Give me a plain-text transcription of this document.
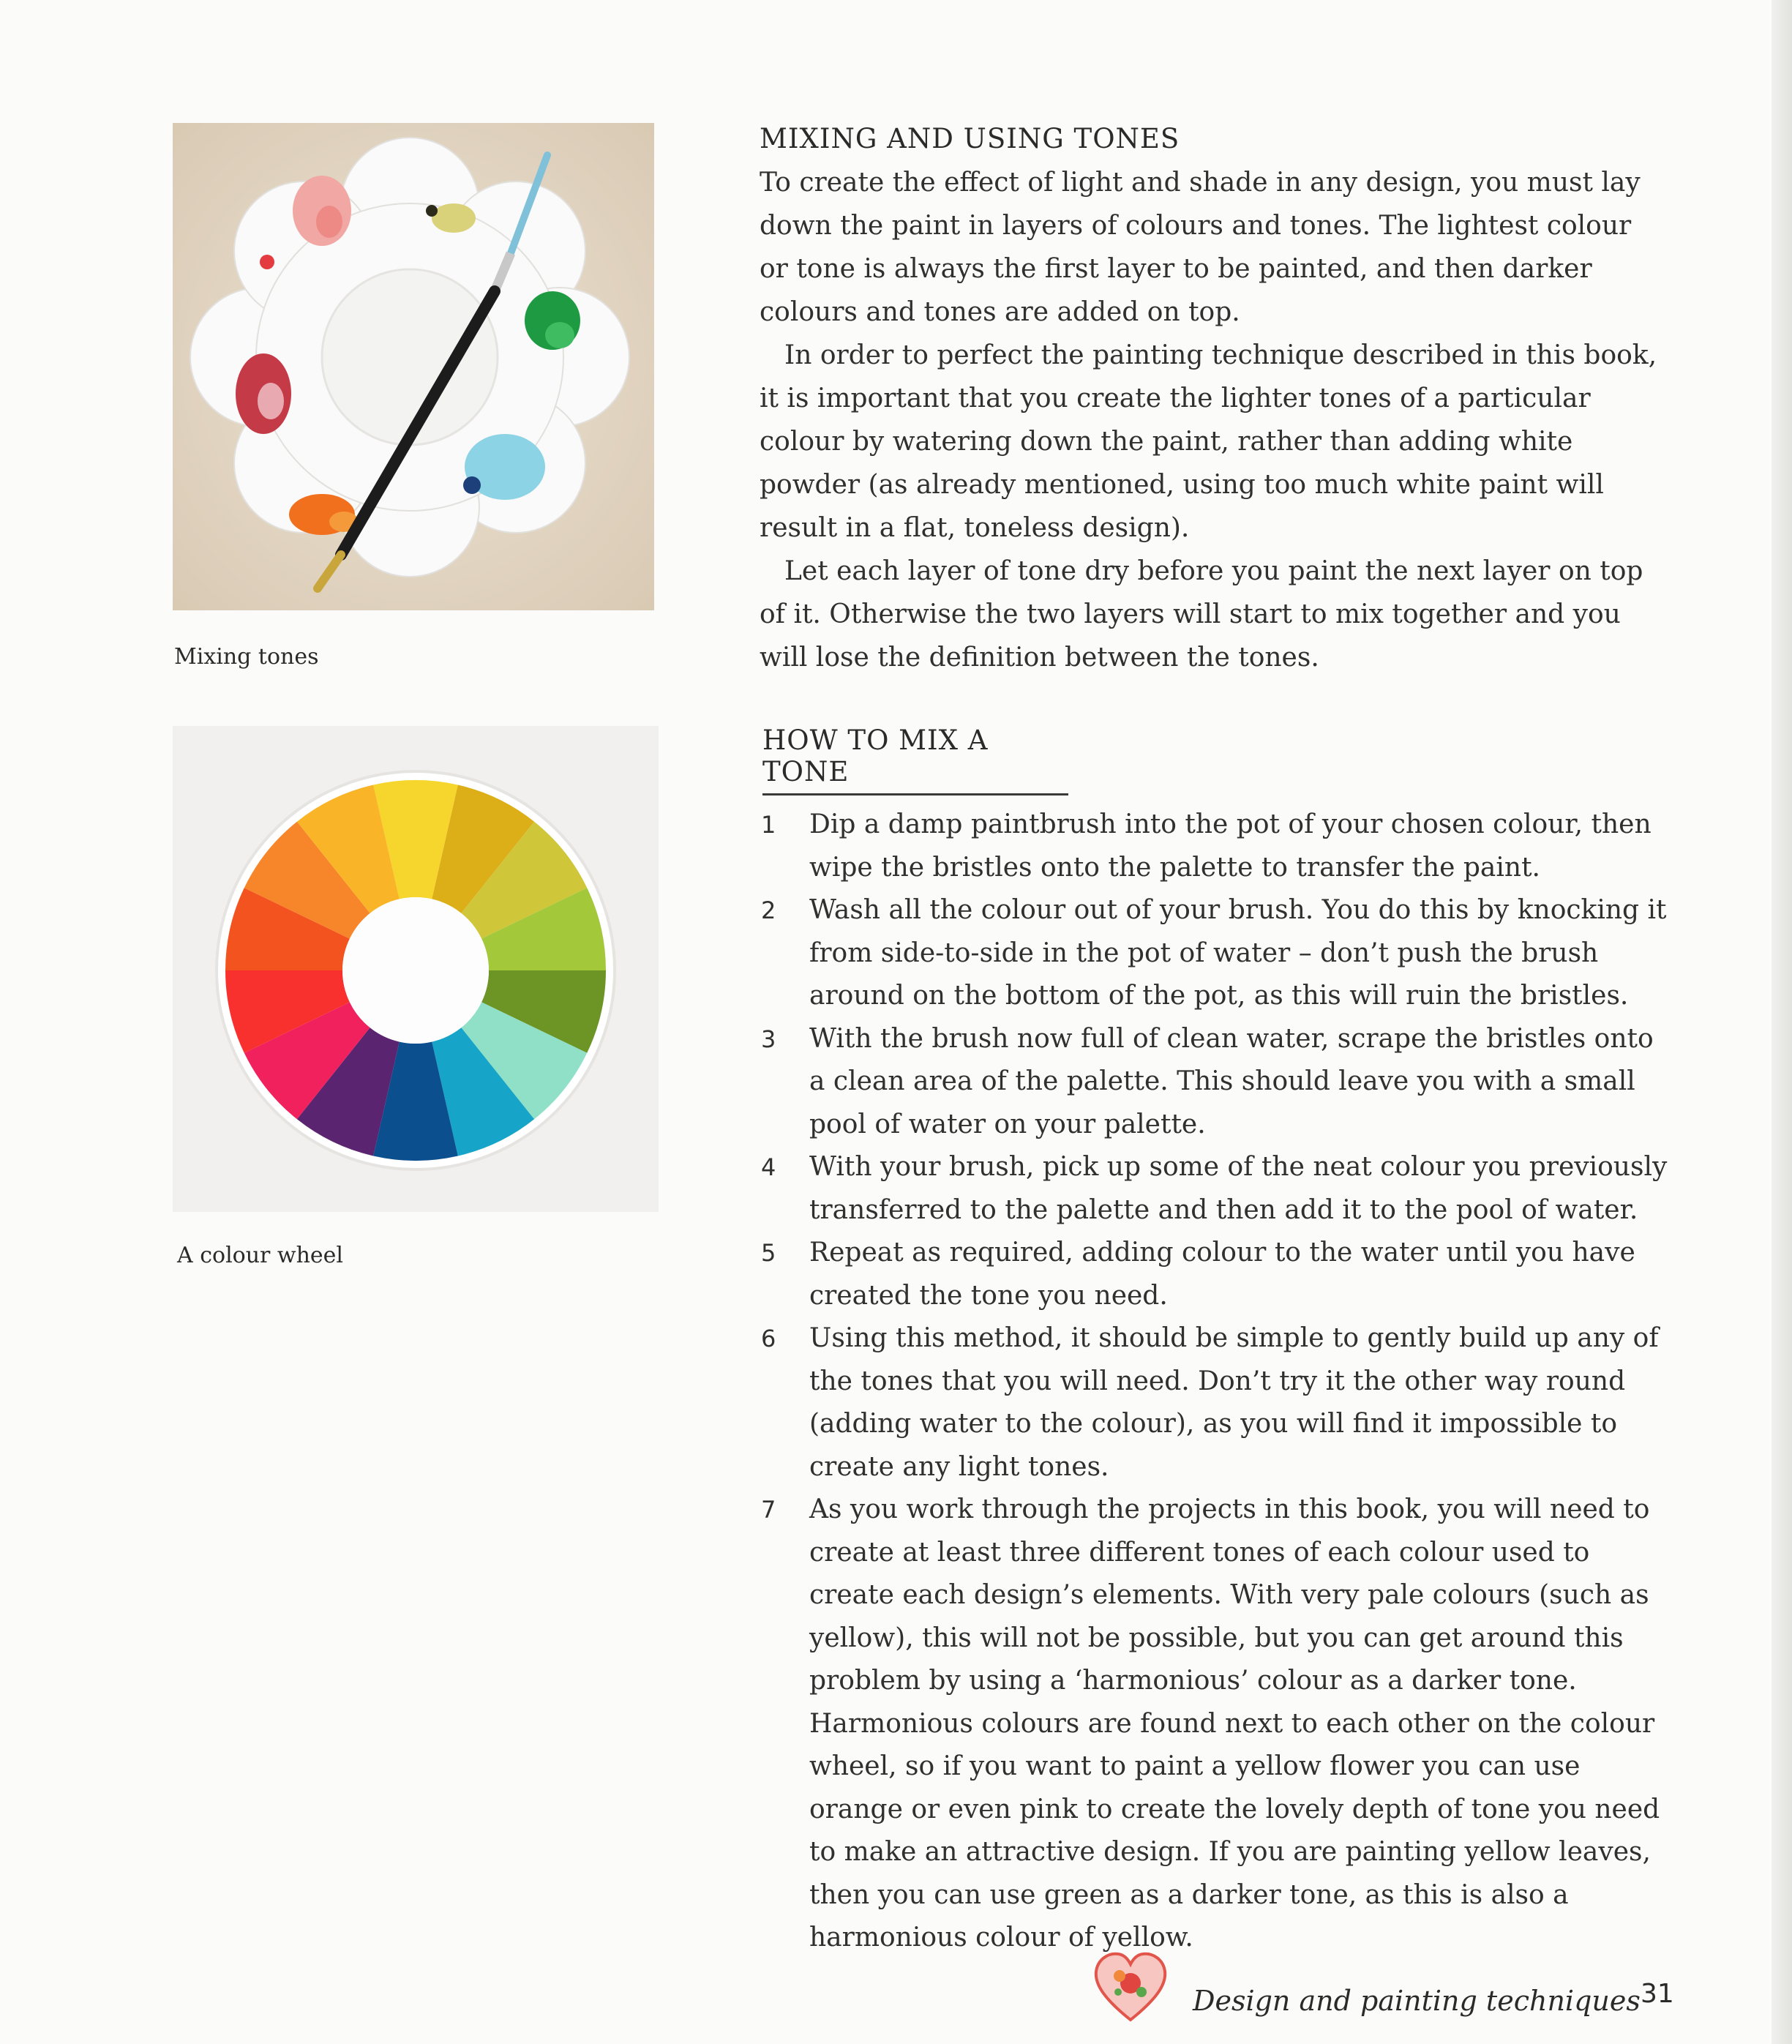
Mixing tones
A colour wheel
MIXING AND USING TONES

To create the effect of light and shade in any design, you must lay down the paint in layers of colours and tones. The lightest colour or tone is always the first layer to be painted, and then darker colours and tones are added on top.

In order to perfect the painting technique described in this book, it is important that you create the lighter tones of a particular colour by watering down the paint, rather than adding white powder (as already mentioned, using too much white paint will result in a flat, toneless design).

Let each layer of tone dry before you paint the next layer on top of it. Otherwise the two layers will start to mix together and you will lose the definition between the tones.

HOW TO MIX A TONE
1 Dip a damp paintbrush into the pot of your chosen colour, then wipe the bristles onto the palette to transfer the paint.
2 Wash all the colour out of your brush. You do this by knocking it from side-to-side in the pot of water – don’t push the brush around on the bottom of the pot, as this will ruin the bristles.
3 With the brush now full of clean water, scrape the bristles onto a clean area of the palette. This should leave you with a small pool of water on your palette.
4 With your brush, pick up some of the neat colour you previously transferred to the palette and then add it to the pool of water.
5 Repeat as required, adding colour to the water until you have created the tone you need.
6 Using this method, it should be simple to gently build up any of the tones that you will need. Don’t try it the other way round (adding water to the colour), as you will find it impossible to create any light tones.
7 As you work through the projects in this book, you will need to create at least three different tones of each colour used to create each design’s elements. With very pale colours (such as yellow), this will not be possible, but you can get around this problem by using a ‘harmonious’ colour as a darker tone. Harmonious colours are found next to each other on the colour wheel, so if you want to paint a yellow flower you can use orange or even pink to create the lovely depth of tone you need to make an attractive design. If you are painting yellow leaves, then you can use green as a darker tone, as this is also a harmonious colour of yellow.
Design and painting techniques 31
